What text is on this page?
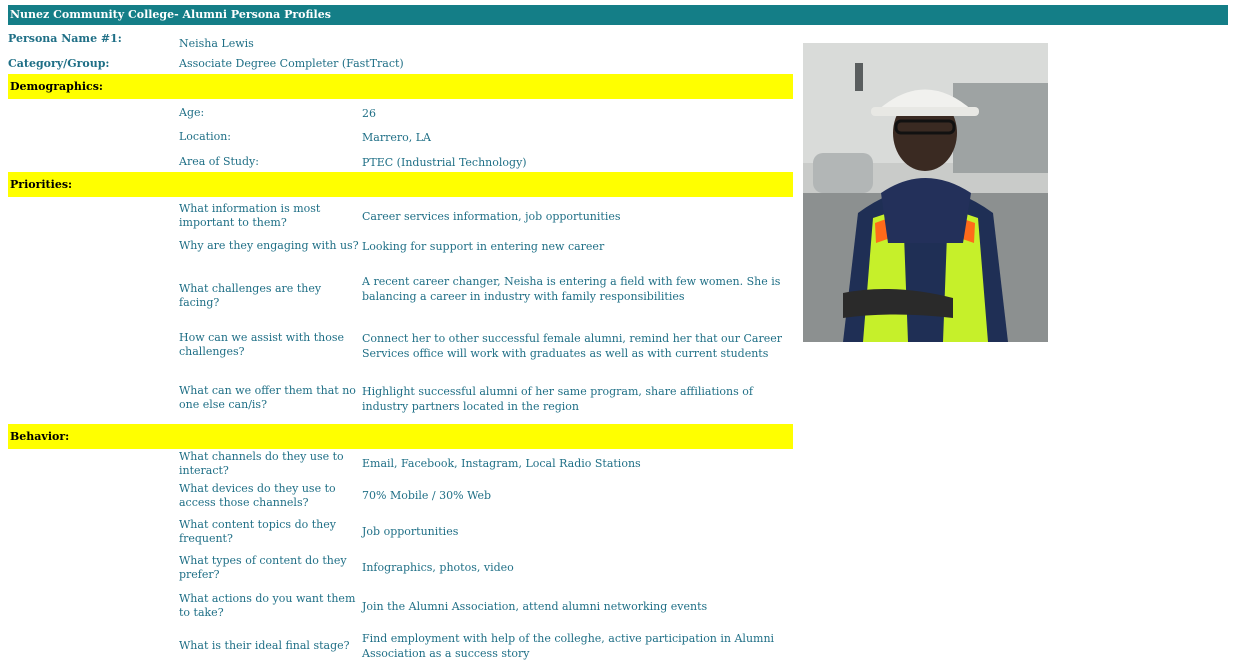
Nunez Community College- Alumni Persona Profiles
Persona Name #1:	Neisha Lewis
Category/Group:	Associate Degree Completer (FastTract)
Demographics:
Age:	26
Location:	Marrero, LA
Area of Study:	PTEC (Industrial Technology)
Priorities:
What information is most important to them?	Career services information, job opportunities
Why are they engaging with us? Looking for support in entering new career
What challenges are they facing?
A recent career changer, Neisha is entering a field with few women. She is balancing a career in industry with family responsibilities
How can we assist with those challenges?
Connect her to other successful female alumni, remind her that our Career Services office will work with graduates as well as with current students
What can we offer them that no one else can/is?
Highlight successful alumni of her same program, share affiliations of industry partners located in the region
Behavior:
What channels do they use to interact?
Email, Facebook, Instagram, Local Radio Stations
What devices do they use to access those channels?
70% Mobile / 30% Web
What content topics do they frequent?
Job opportunities
What types of content do they prefer?
Infographics, photos, video
What actions do you want them to take?	Join the Alumni Association, attend alumni networking events
What is their ideal final stage?
Find employment with help of the colleghe, active participation in Alumni Association as a success story
